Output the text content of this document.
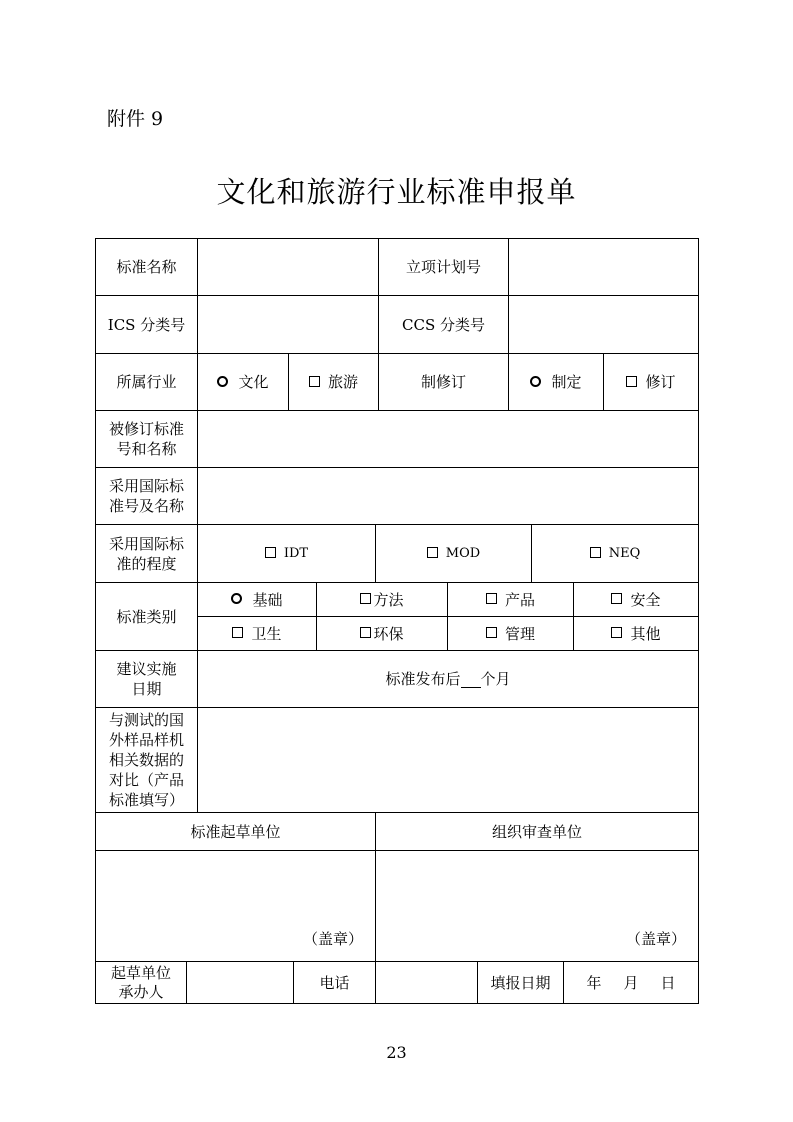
附件 9
文化和旅游行业标准申报单
标准名称	立项计划号
ICS 分类号	CCS 分类号
所属行业	文化	旅游	制修订	制定	修订
被修订标准
号和名称
采用国际标
准号及名称
采用国际标
准的程度
IDT	MOD	NEQ
标准类别
基础	方法	产品	安全
卫生	环保	管理	其他
建议实施
日期
标准发布后 个月
与测试的国
外样品样机
相关数据的
对比（产品
标准填写）
标准起草单位	组织审查单位
（盖章）	（盖章）
起草单位
承办人	电话	填报日期	年 月 日
23
